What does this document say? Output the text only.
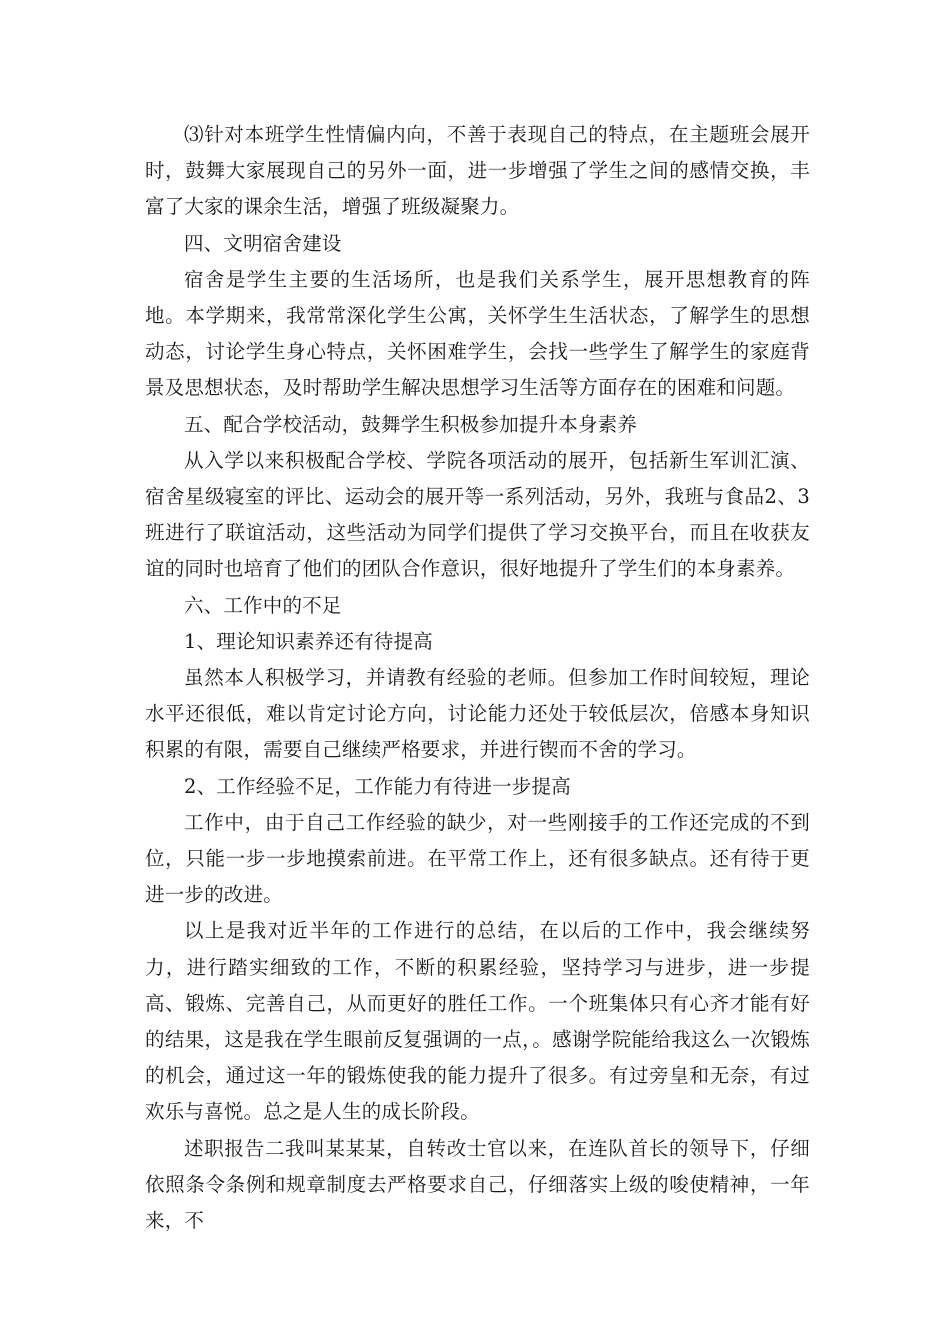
⑶针对本班学生性情偏内向，不善于表现自己的特点，在主题班会展开时，鼓舞大家展现自己的另外一面，进一步增强了学生之间的感情交换，丰富了大家的课余生活，增强了班级凝聚力。

四、文明宿舍建设

宿舍是学生主要的生活场所，也是我们关系学生，展开思想教育的阵地。本学期来，我常常深化学生公寓，关怀学生生活状态，了解学生的思想动态，讨论学生身心特点，关怀困难学生，会找一些学生了解学生的家庭背景及思想状态，及时帮助学生解决思想学习生活等方面存在的困难和问题。

五、配合学校活动，鼓舞学生积极参加提升本身素养

从入学以来积极配合学校、学院各项活动的展开，包括新生军训汇演、宿舍星级寝室的评比、运动会的展开等一系列活动，另外，我班与食品2、3班进行了联谊活动，这些活动为同学们提供了学习交换平台，而且在收获友谊的同时也培育了他们的团队合作意识，很好地提升了学生们的本身素养。

六、工作中的不足

1、理论知识素养还有待提高

虽然本人积极学习，并请教有经验的老师。但参加工作时间较短，理论水平还很低，难以肯定讨论方向，讨论能力还处于较低层次，倍感本身知识积累的有限，需要自己继续严格要求，并进行锲而不舍的学习。

2、工作经验不足，工作能力有待进一步提高

工作中，由于自己工作经验的缺少，对一些刚接手的工作还完成的不到位，只能一步一步地摸索前进。在平常工作上，还有很多缺点。还有待于更进一步的改进。

以上是我对近半年的工作进行的总结，在以后的工作中，我会继续努力，进行踏实细致的工作，不断的积累经验，坚持学习与进步，进一步提高、锻炼、完善自己，从而更好的胜任工作。一个班集体只有心齐才能有好的结果，这是我在学生眼前反复强调的一点，。感谢学院能给我这么一次锻炼的机会，通过这一年的锻炼使我的能力提升了很多。有过旁皇和无奈，有过欢乐与喜悦。总之是人生的成长阶段。

述职报告二我叫某某某，自转改士官以来，在连队首长的领导下，仔细依照条令条例和规章制度去严格要求自己，仔细落实上级的唆使精神，一年来，不
